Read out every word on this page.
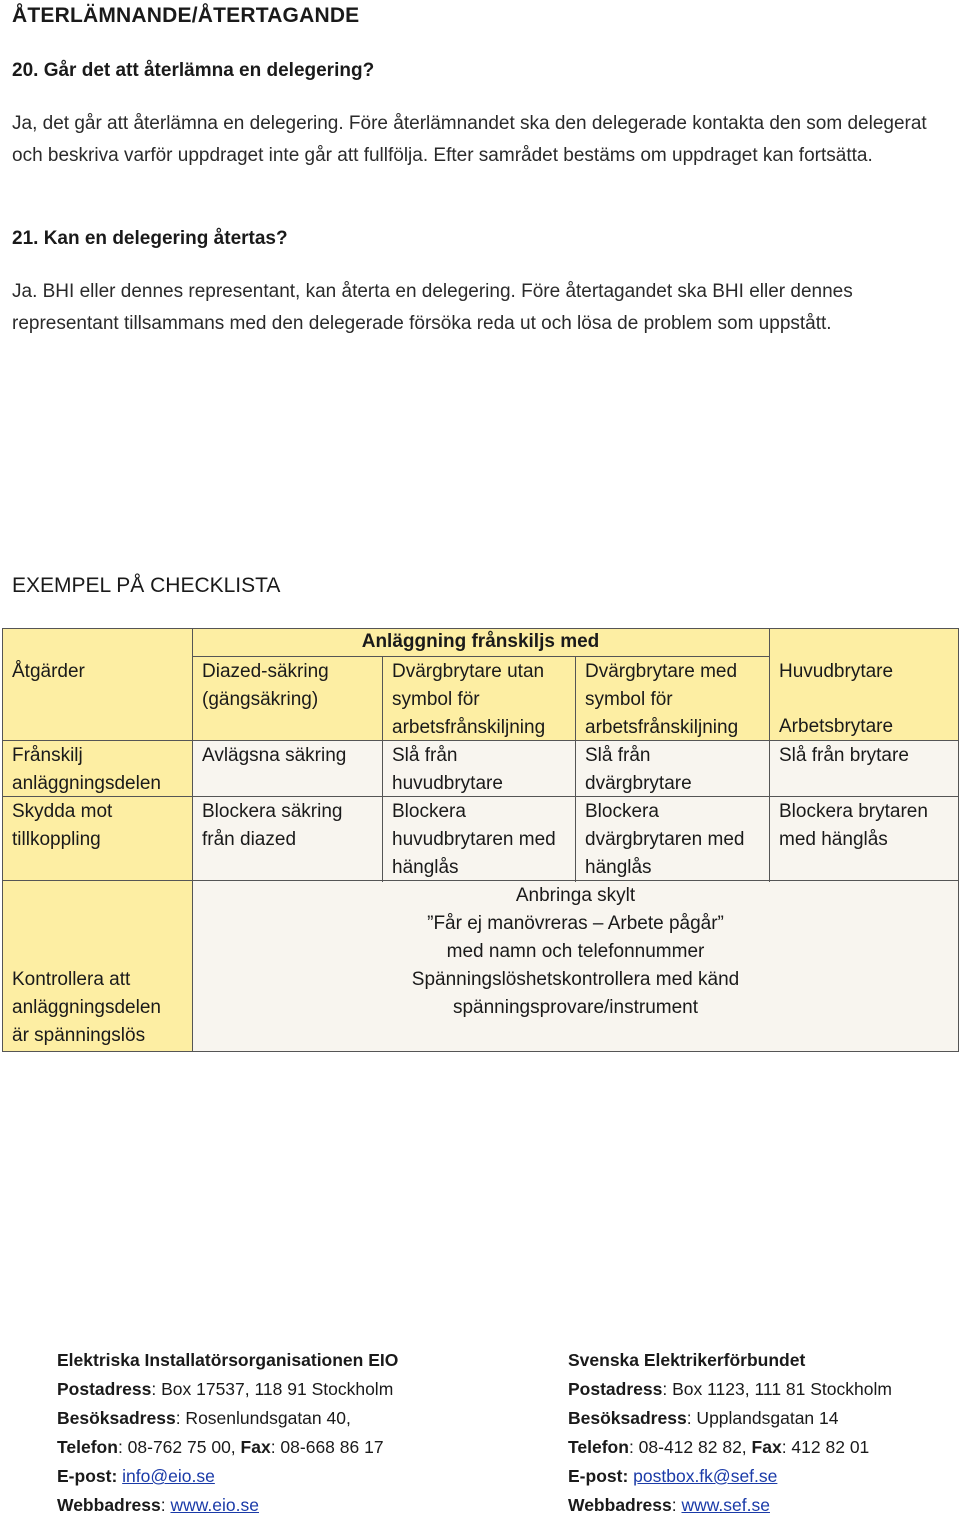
ÅTERLÄMNANDE/ÅTERTAGANDE

20. Går det att återlämna en delegering?

Ja, det går att återlämna en delegering. Före återlämnandet ska den delegerade kontakta den som delegerat och beskriva varför uppdraget inte går att fullfölja. Efter samrådet bestäms om uppdraget kan fortsätta.

21. Kan en delegering återtas?

Ja. BHI eller dennes representant, kan återta en delegering. Före återtagandet ska BHI eller dennes representant tillsammans med den delegerade försöka reda ut och lösa de problem som uppstått.

EXEMPEL PÅ CHECKLISTA
Anläggning frånskiljs med
Åtgärder	Diazed-säkring (gängsäkring)
Dvärgbrytare utan symbol för arbetsfrånskiljning
Dvärgbrytare med symbol för arbetsfrånskiljning
Huvudbrytare
Arbetsbrytare
Frånskilj anläggningsdelen
Avlägsna säkring	Slå från huvudbrytare
Slå från dvärgbrytare
Slå från brytare
Skydda mot tillkoppling
Blockera säkring från diazed
Blockera huvudbrytaren med hänglås
Blockera dvärgbrytaren med hänglås
Blockera brytaren med hänglås
Anbringa skylt
”Får ej manövreras – Arbete pågår”
med namn och telefonnummer
Kontrollera att anläggningsdelen är spänningslös
Spänningslöshetskontrollera med känd spänningsprovare/instrument
Elektriska Installatörsorganisationen EIO
Postadress: Box 17537, 118 91 Stockholm
Besöksadress: Rosenlundsgatan 40,
Telefon: 08-762 75 00, Fax: 08-668 86 17
E-post: info@eio.se
Webbadress: www.eio.se
Svenska Elektrikerförbundet
Postadress: Box 1123, 111 81 Stockholm
Besöksadress: Upplandsgatan 14
Telefon: 08-412 82 82, Fax: 412 82 01
E-post: postbox.fk@sef.se
Webbadress: www.sef.se
